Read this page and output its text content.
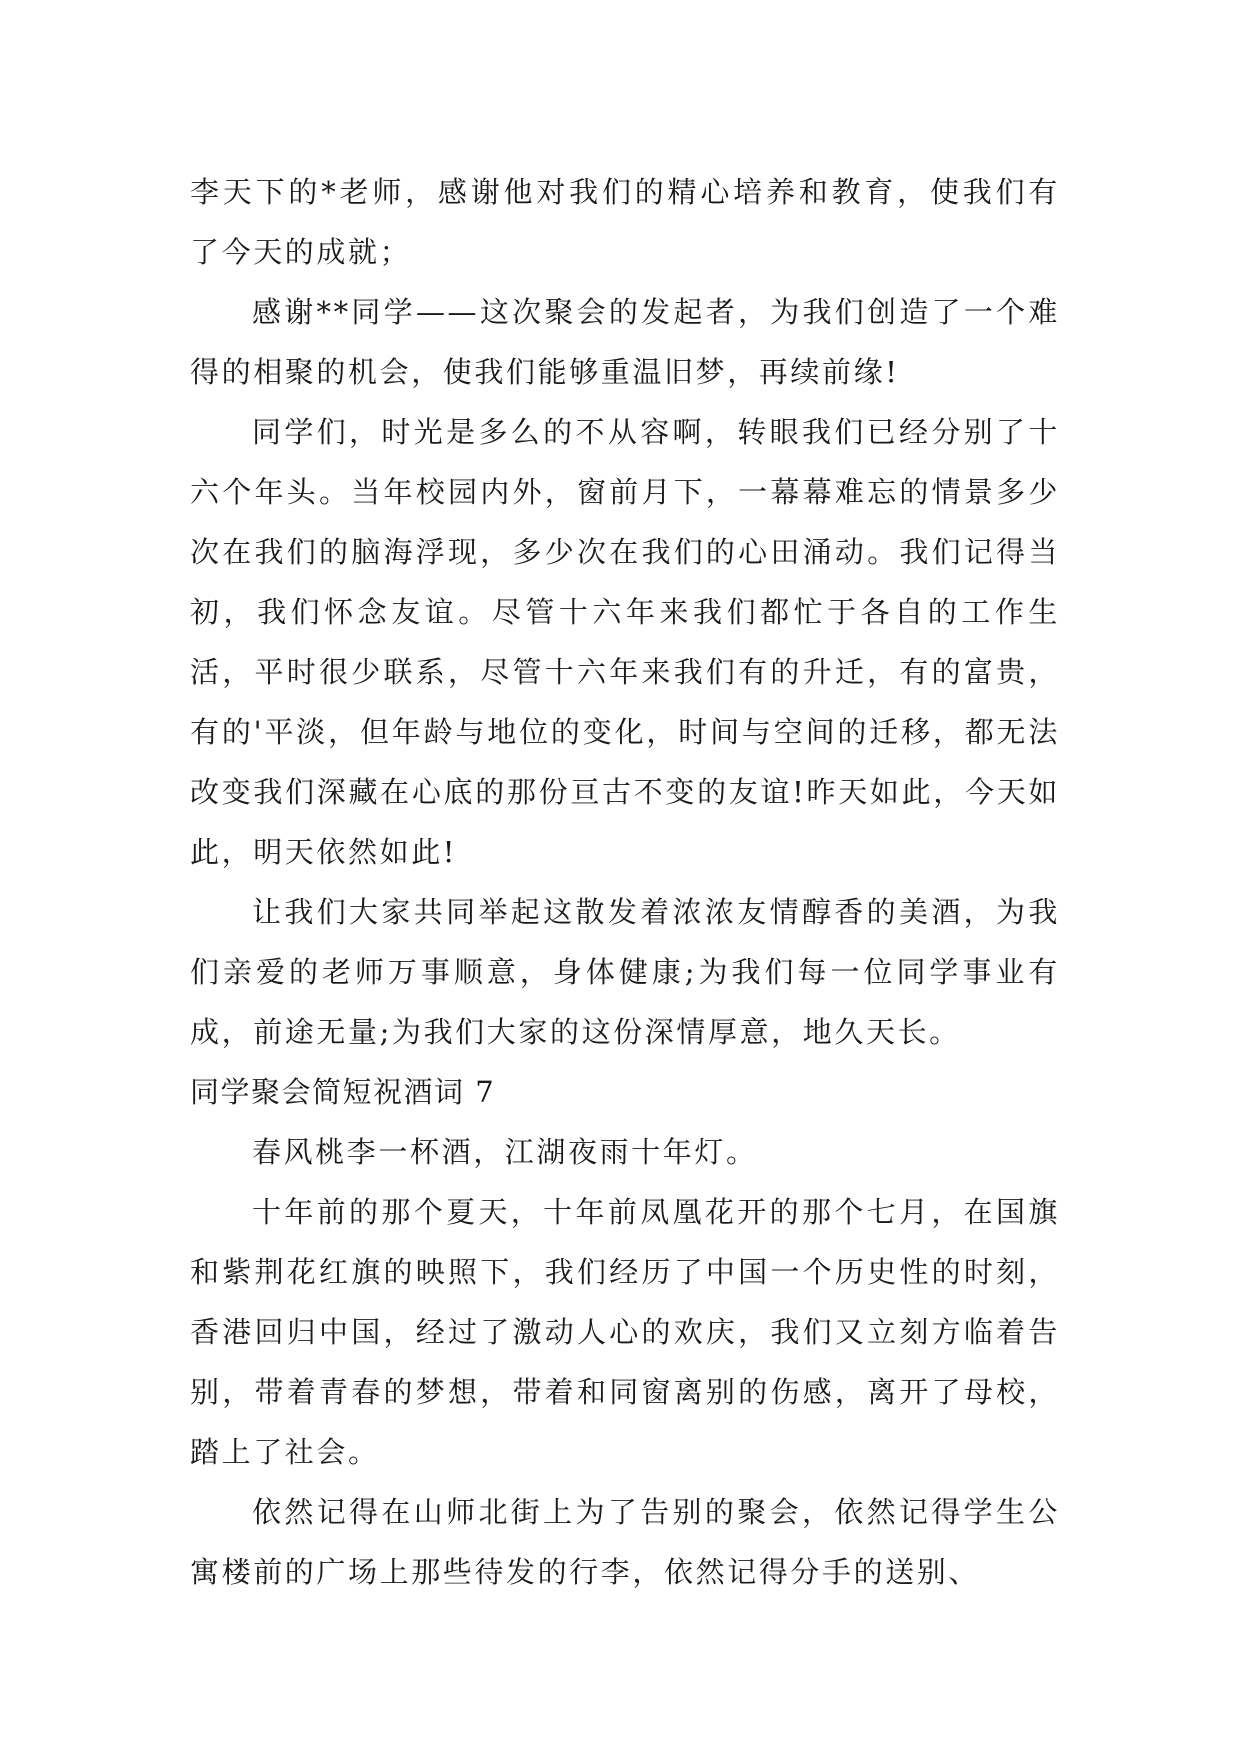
李天下的*老师，感谢他对我们的精心培养和教育，使我们有了今天的成就；

感谢**同学——这次聚会的发起者，为我们创造了一个难得的相聚的机会，使我们能够重温旧梦，再续前缘!

同学们，时光是多么的不从容啊，转眼我们已经分别了十六个年头。当年校园内外，窗前月下，一幕幕难忘的情景多少次在我们的脑海浮现，多少次在我们的心田涌动。我们记得当初，我们怀念友谊。尽管十六年来我们都忙于各自的工作生活，平时很少联系，尽管十六年来我们有的升迁，有的富贵，有的'平淡，但年龄与地位的变化，时间与空间的迁移，都无法改变我们深藏在心底的那份亘古不变的友谊!昨天如此，今天如此，明天依然如此!

让我们大家共同举起这散发着浓浓友情醇香的美酒，为我们亲爱的老师万事顺意，身体健康;为我们每一位同学事业有成，前途无量;为我们大家的这份深情厚意，地久天长。

同学聚会简短祝酒词 7

春风桃李一杯酒，江湖夜雨十年灯。

十年前的那个夏天，十年前凤凰花开的那个七月，在国旗和紫荆花红旗的映照下，我们经历了中国一个历史性的时刻，香港回归中国，经过了激动人心的欢庆，我们又立刻方临着告别，带着青春的梦想，带着和同窗离别的伤感，离开了母校，踏上了社会。

依然记得在山师北街上为了告别的聚会，依然记得学生公寓楼前的广场上那些待发的行李，依然记得分手的送别、
